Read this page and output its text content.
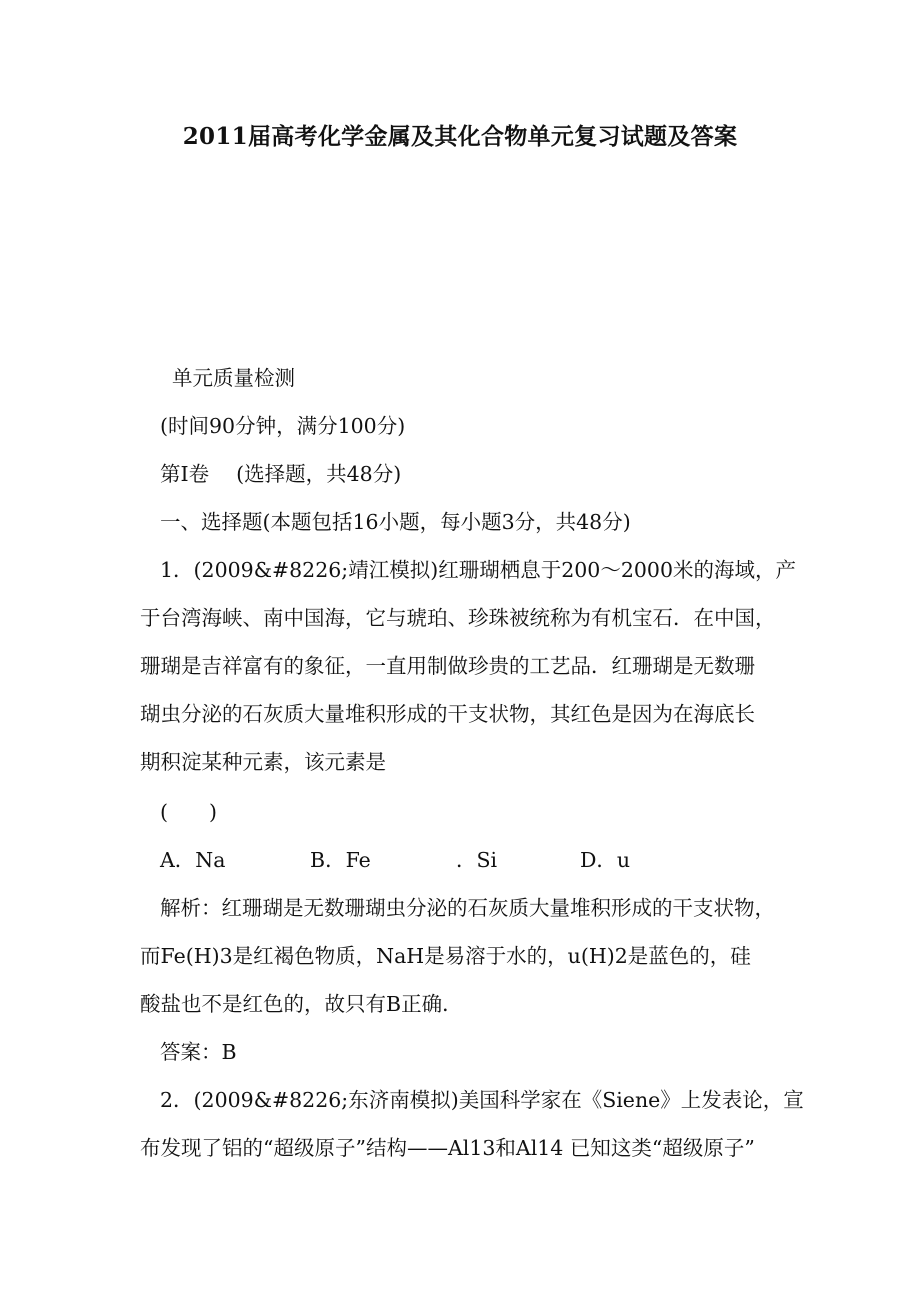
2011届高考化学金属及其化合物单元复习试题及答案
单元质量检测
(时间90分钟，满分100分)
第Ⅰ卷　 (选择题，共48分)
一、选择题(本题包括16小题，每小题3分，共48分)
1．(2009&#8226;靖江模拟)红珊瑚栖息于200～2000米的海域，产
于台湾海峡、南中国海，它与琥珀、珍珠被统称为有机宝石．在中国，
珊瑚是吉祥富有的象征，一直用制做珍贵的工艺品．红珊瑚是无数珊
瑚虫分泌的石灰质大量堆积形成的干支状物，其红色是因为在海底长
期积淀某种元素，该元素是
(　　)
A．Na	B．Fe	．Si	D．u
解析：红珊瑚是无数珊瑚虫分泌的石灰质大量堆积形成的干支状物，
而Fe(H)3是红褐色物质，NaH是易溶于水的，u(H)2是蓝色的，硅
酸盐也不是红色的，故只有B正确．
答案：B
2．(2009&#8226;东济南模拟)美国科学家在《Siene》上发表论，宣
布发现了铝的“超级原子”结构——Al13和Al14 已知这类“超级原子”
